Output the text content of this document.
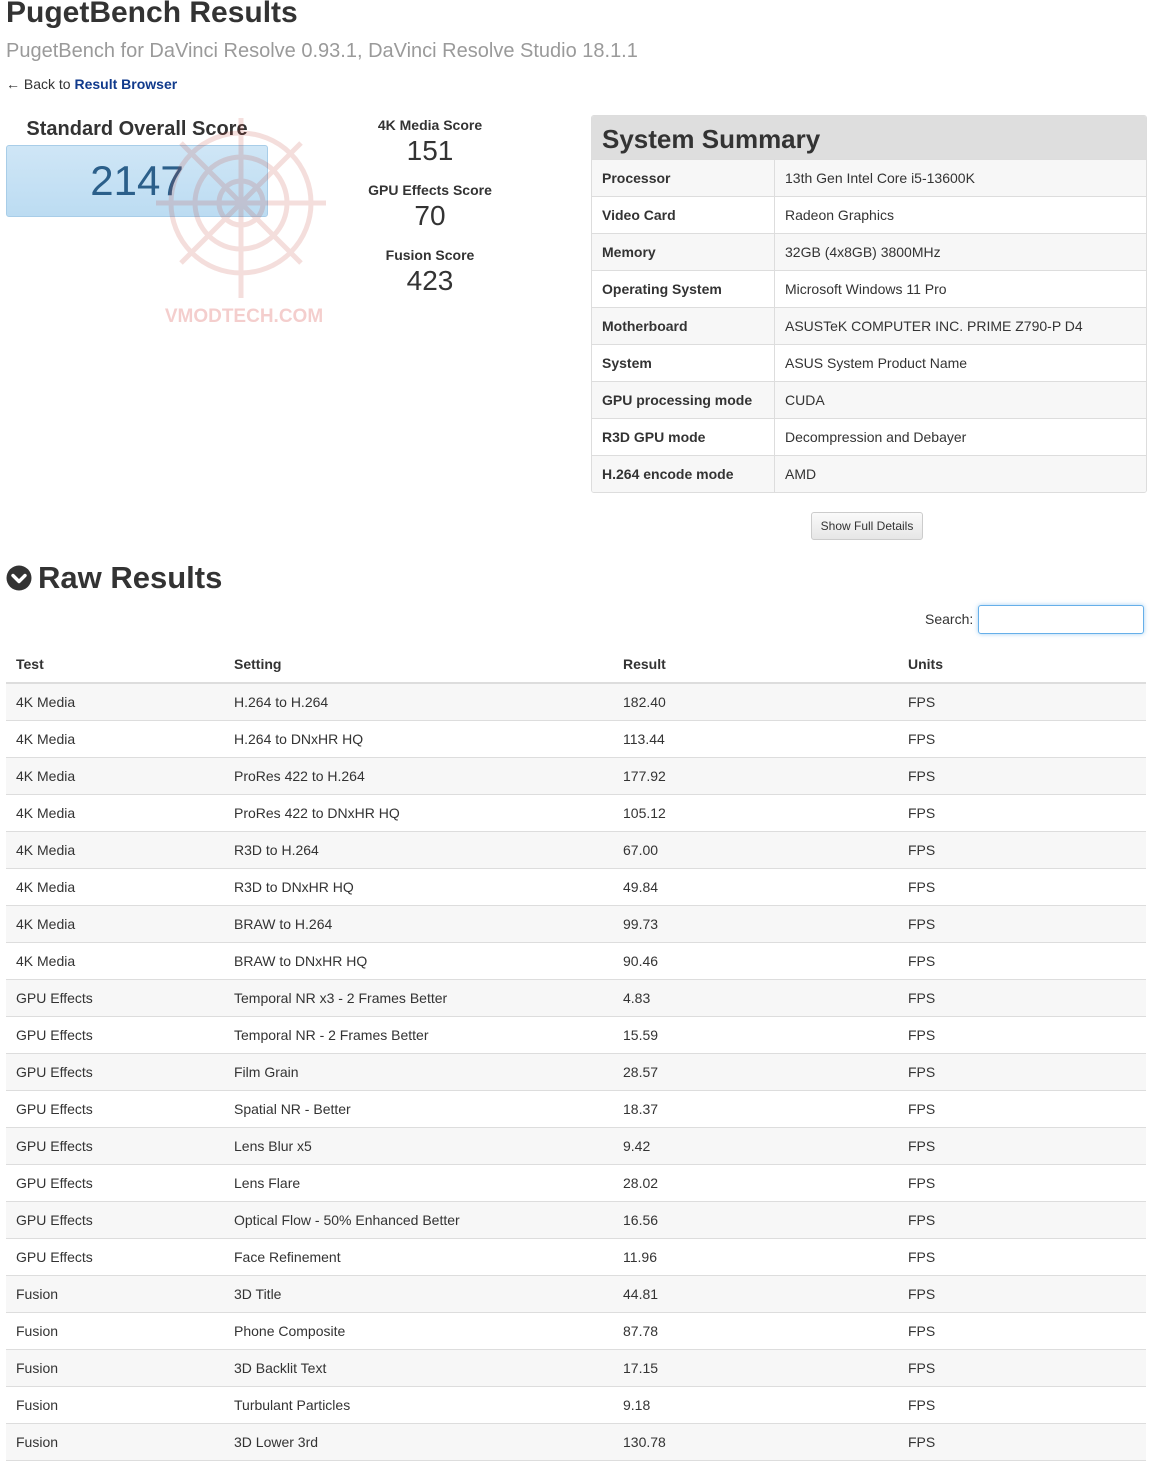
PugetBench Results
PugetBench for DaVinci Resolve 0.93.1, DaVinci Resolve Studio 18.1.1
← Back to Result Browser
Standard Overall Score
2147
VMODTECH.COM
4K Media Score
151
GPU Effects Score
70
Fusion Score
423
System Summary
Processor	13th Gen Intel Core i5-13600K
Video Card	Radeon Graphics
Memory	32GB (4x8GB) 3800MHz
Operating System	Microsoft Windows 11 Pro
Motherboard	ASUSTeK COMPUTER INC. PRIME Z790-P D4
System	ASUS System Product Name
GPU processing mode	CUDA
R3D GPU mode	Decompression and Debayer
H.264 encode mode	AMD
Show Full Details
Raw Results
Search:
Test	Setting	Result	Units
4K Media	H.264 to H.264	182.40	FPS
4K Media	H.264 to DNxHR HQ	113.44	FPS
4K Media	ProRes 422 to H.264	177.92	FPS
4K Media	ProRes 422 to DNxHR HQ	105.12	FPS
4K Media	R3D to H.264	67.00	FPS
4K Media	R3D to DNxHR HQ	49.84	FPS
4K Media	BRAW to H.264	99.73	FPS
4K Media	BRAW to DNxHR HQ	90.46	FPS
GPU Effects	Temporal NR x3 - 2 Frames Better	4.83	FPS
GPU Effects	Temporal NR - 2 Frames Better	15.59	FPS
GPU Effects	Film Grain	28.57	FPS
GPU Effects	Spatial NR - Better	18.37	FPS
GPU Effects	Lens Blur x5	9.42	FPS
GPU Effects	Lens Flare	28.02	FPS
GPU Effects	Optical Flow - 50% Enhanced Better	16.56	FPS
GPU Effects	Face Refinement	11.96	FPS
Fusion	3D Title	44.81	FPS
Fusion	Phone Composite	87.78	FPS
Fusion	3D Backlit Text	17.15	FPS
Fusion	Turbulant Particles	9.18	FPS
Fusion	3D Lower 3rd	130.78	FPS
